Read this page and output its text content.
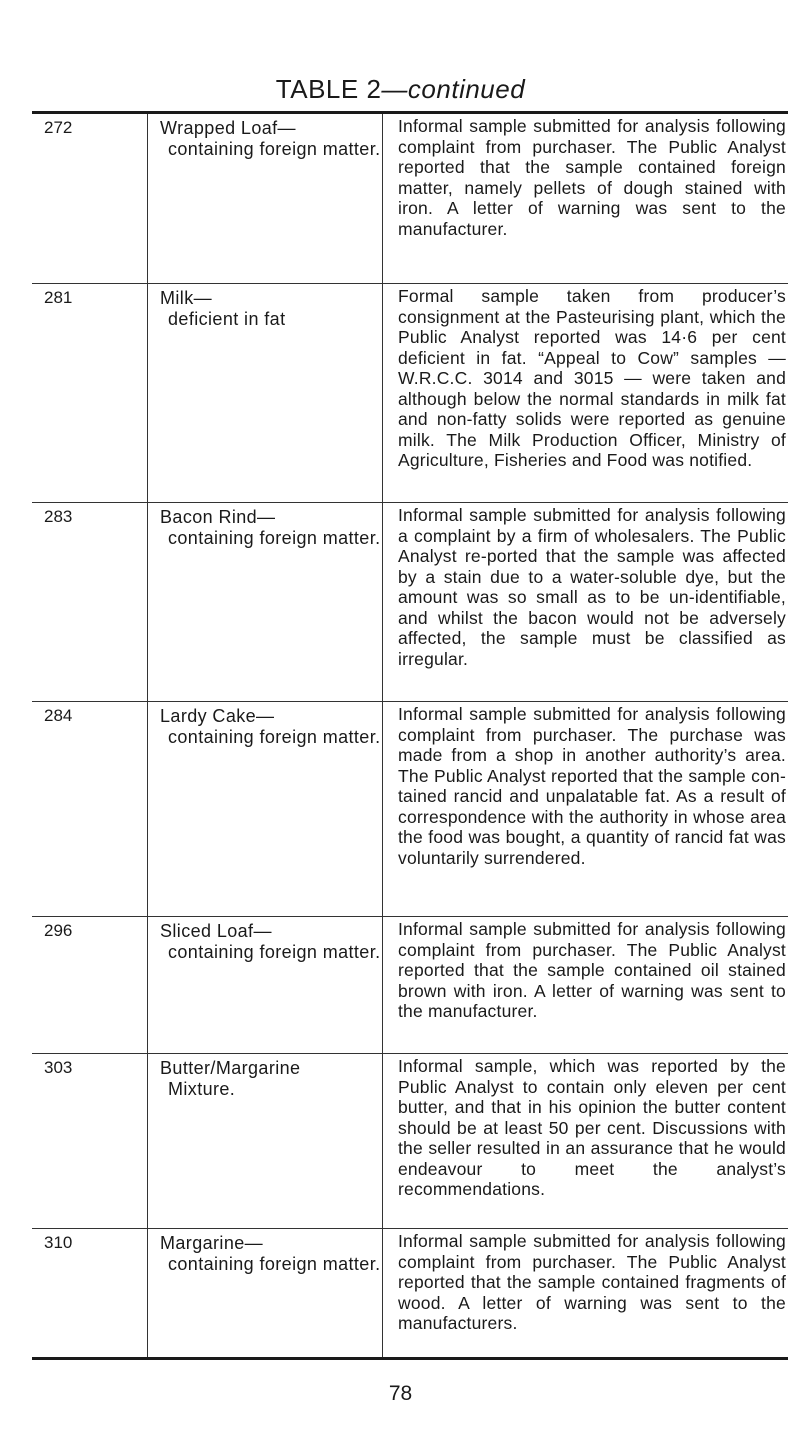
TABLE 2—continued
272	Wrapped Loaf—
containing foreign matter.
Informal sample submitted for analysis following complaint from purchaser. The Public Analyst reported that the sample contained foreign matter, namely pellets of dough stained with iron. A letter of warning was sent to the manufacturer.
281	Milk—
deficient in fat
Formal sample taken from producer’s consignment at the Pasteurising plant, which the Public Analyst reported was 14·6 per cent deficient in fat. “Appeal to Cow” samples — W.R.C.C. 3014 and 3015 — were taken and although below the normal standards in milk fat and non-fatty solids were reported as genuine milk. The Milk Production Officer, Ministry of Agriculture, Fisheries and Food was notified.
283	Bacon Rind—
containing foreign matter.
Informal sample submitted for analysis following a complaint by a firm of wholesalers. The Public Analyst re-ported that the sample was affected by a stain due to a water-soluble dye, but the amount was so small as to be un-identifiable, and whilst the bacon would not be adversely affected, the sample must be classified as irregular.
284	Lardy Cake—
containing foreign matter.
Informal sample submitted for analysis following complaint from purchaser. The purchase was made from a shop in another authority’s area. The Public Analyst reported that the sample con-tained rancid and unpalatable fat. As a result of correspondence with the authority in whose area the food was bought, a quantity of rancid fat was voluntarily surrendered.
296	Sliced Loaf—
containing foreign matter.
Informal sample submitted for analysis following complaint from purchaser. The Public Analyst reported that the sample contained oil stained brown with iron. A letter of warning was sent to the manufacturer.
303	Butter/Margarine
Mixture.
Informal sample, which was reported by the Public Analyst to contain only eleven per cent butter, and that in his opinion the butter content should be at least 50 per cent. Discussions with the seller resulted in an assurance that he would endeavour to meet the analyst’s recommendations.
310	Margarine—
containing foreign matter.
Informal sample submitted for analysis following complaint from purchaser. The Public Analyst reported that the sample contained fragments of wood. A letter of warning was sent to the manufacturers.
78
